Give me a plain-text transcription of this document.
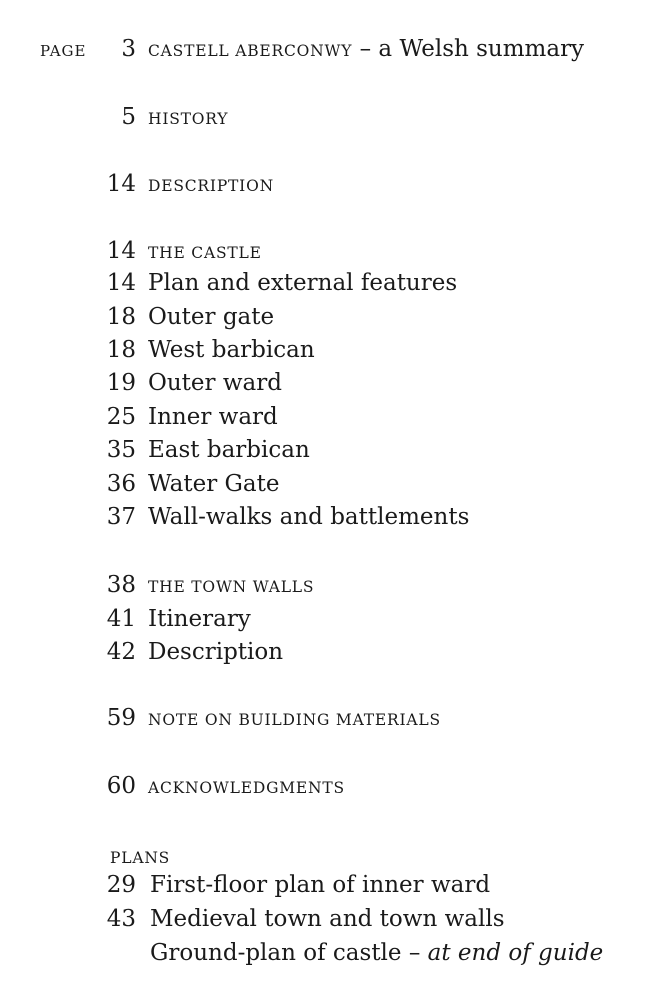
PAGE	3 CASTELL ABERCONWY – a Welsh summary
5 HISTORY
14 DESCRIPTION
14 THE CASTLE
14 Plan and external features
18 Outer gate
18 West barbican
19 Outer ward
25 Inner ward
35 East barbican
36 Water Gate
37 Wall-walks and battlements
38 THE TOWN WALLS
41 Itinerary
42 Description
59 NOTE ON BUILDING MATERIALS
60 ACKNOWLEDGMENTS
PLANS
29 First-floor plan of inner ward
43 Medieval town and town walls
Ground-plan of castle – at end of guide
